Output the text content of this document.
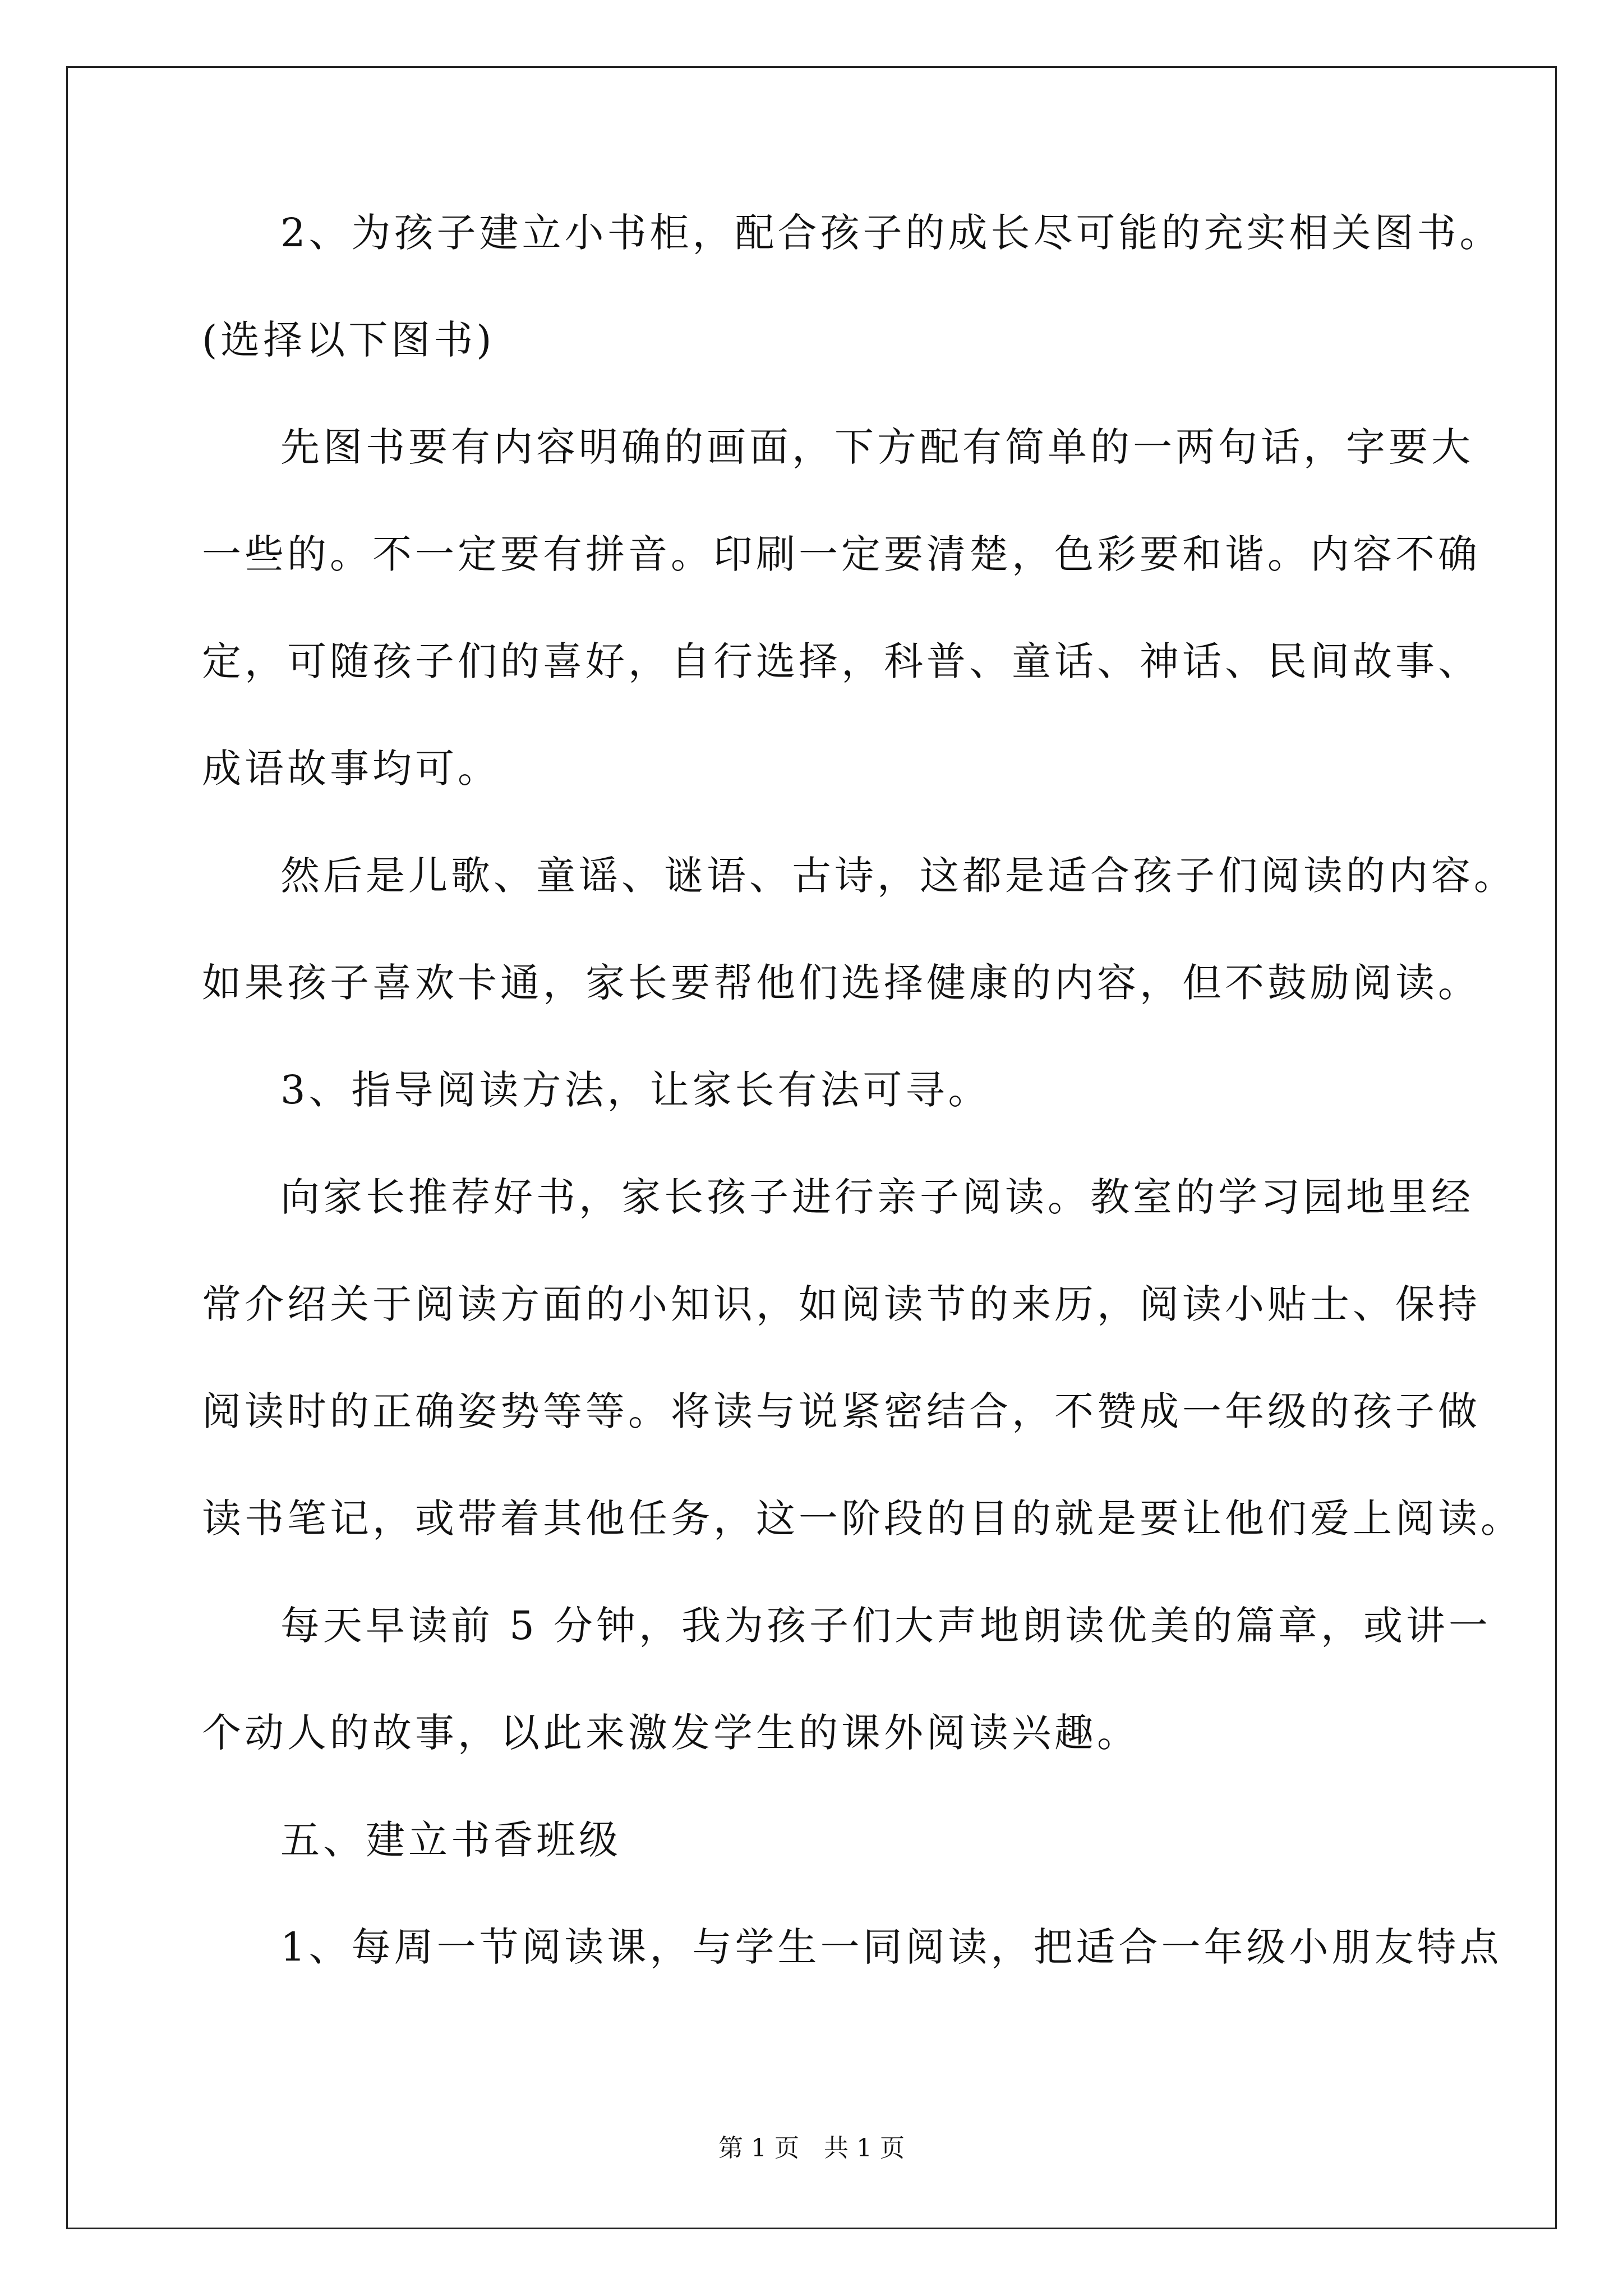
2、为孩子建立小书柜，配合孩子的成长尽可能的充实相关图书。
(选择以下图书)
先图书要有内容明确的画面，下方配有简单的一两句话，字要大
一些的。不一定要有拼音。印刷一定要清楚，色彩要和谐。内容不确
定，可随孩子们的喜好，自行选择，科普、童话、神话、民间故事、
成语故事均可。
然后是儿歌、童谣、谜语、古诗，这都是适合孩子们阅读的内容。
如果孩子喜欢卡通，家长要帮他们选择健康的内容，但不鼓励阅读。
3、指导阅读方法，让家长有法可寻。
向家长推荐好书，家长孩子进行亲子阅读。教室的学习园地里经
常介绍关于阅读方面的小知识，如阅读节的来历，阅读小贴士、保持
阅读时的正确姿势等等。将读与说紧密结合，不赞成一年级的孩子做
读书笔记，或带着其他任务，这一阶段的目的就是要让他们爱上阅读。
每天早读前 5 分钟，我为孩子们大声地朗读优美的篇章，或讲一
个动人的故事，以此来激发学生的课外阅读兴趣。
五、建立书香班级
1、每周一节阅读课，与学生一同阅读，把适合一年级小朋友特点
第 1 页 共 1 页
